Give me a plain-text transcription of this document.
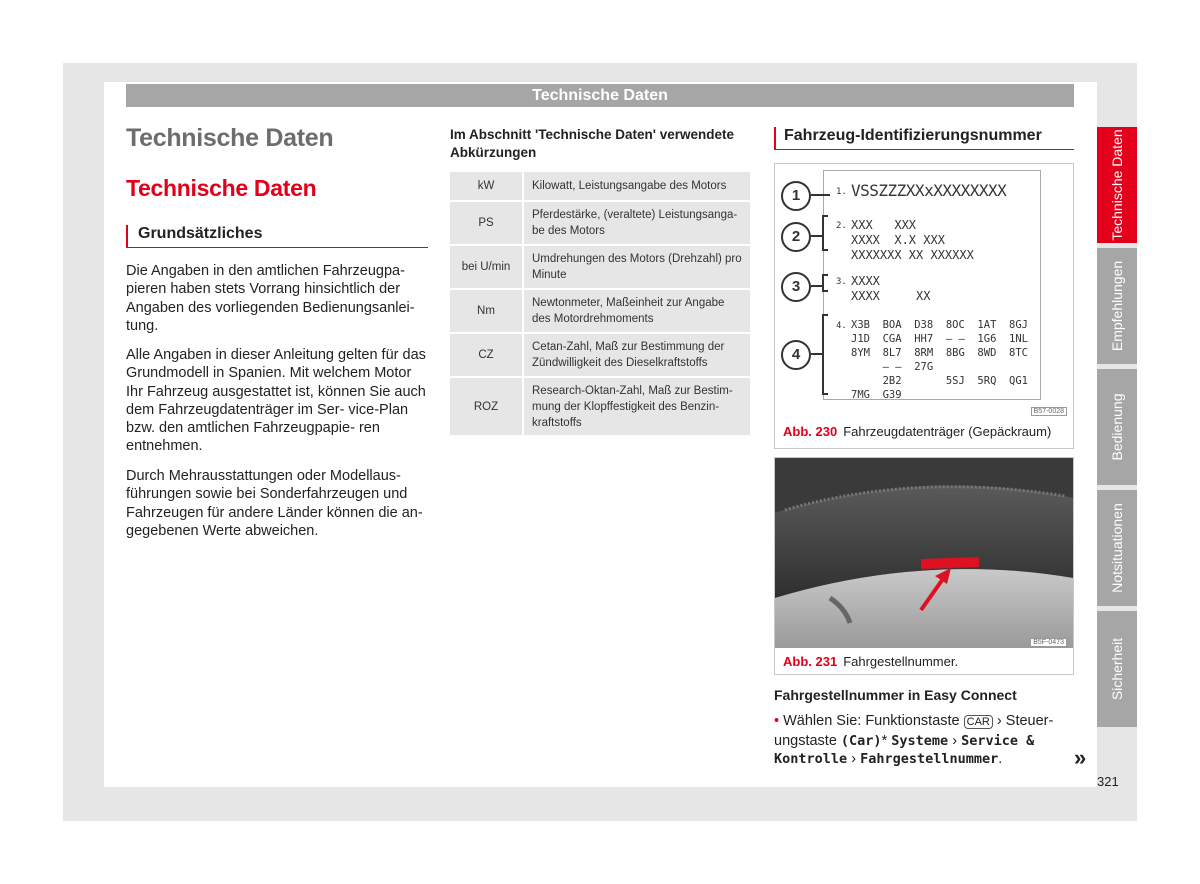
Technische Daten
Technische Daten
Technische Daten
Grundsätzliches

Die Angaben in den amtlichen Fahrzeugpa- pieren haben stets Vorrang hinsichtlich der Angaben des vorliegenden Bedienungsanlei- tung.

Alle Angaben in dieser Anleitung gelten für das Grundmodell in Spanien. Mit welchem Motor Ihr Fahrzeug ausgestattet ist, können Sie auch dem Fahrzeugdatenträger im Ser- vice-Plan bzw. den amtlichen Fahrzeugpapie- ren entnehmen.

Durch Mehrausstattungen oder Modellaus- führungen sowie bei Sonderfahrzeugen und Fahrzeugen für andere Länder können die an- gegebenen Werte abweichen.

Im Abschnitt 'Technische Daten' verwendete Abkürzungen
kW	Kilowatt, Leistungsangabe des Motors
PS	Pferdestärke, (veraltete) Leistungsanga- be des Motors
bei U/min	Umdrehungen des Motors (Drehzahl) pro Minute
Nm	Newtonmeter, Maßeinheit zur Angabe des Motordrehmoments
CZ	Cetan-Zahl, Maß zur Bestimmung der Zündwilligkeit des Dieselkraftstoffs
ROZ	Research-Oktan-Zahl, Maß zur Bestim- mung der Klopffestigkeit des Benzin- kraftstoffs
Fahrzeug-Identifizierungsnummer
1. VSSZZZXXxXXXXXXXX
2. XXX   XXX
XXXX  X.X XXX
XXXXXXX XX XXXXXX
3. XXXX
XXXX     XX
4. X3B  BOA  D38  8OC  1AT  8GJ
J1D  CGA  HH7  – –  1G6  1NL
8YM  8L7  8RM  8BG  8WD  8TC
– –  27G
2B2       5SJ  5RQ  QG1
7MG  G39
1
2
3
4
B57-0028
Abb. 230 Fahrzeugdatenträger (Gepäckraum)
B5F-0473
Abb. 231 Fahrgestellnummer.
Fahrgestellnummer in Easy Connect
• Wählen Sie: Funktionstaste CAR › Steuer- ungstaste (Car)* Systeme › Service & Kontrolle › Fahrgestellnummer.	»
Technische Daten
Empfehlungen
Bedienung
Notsituationen
Sicherheit
321
